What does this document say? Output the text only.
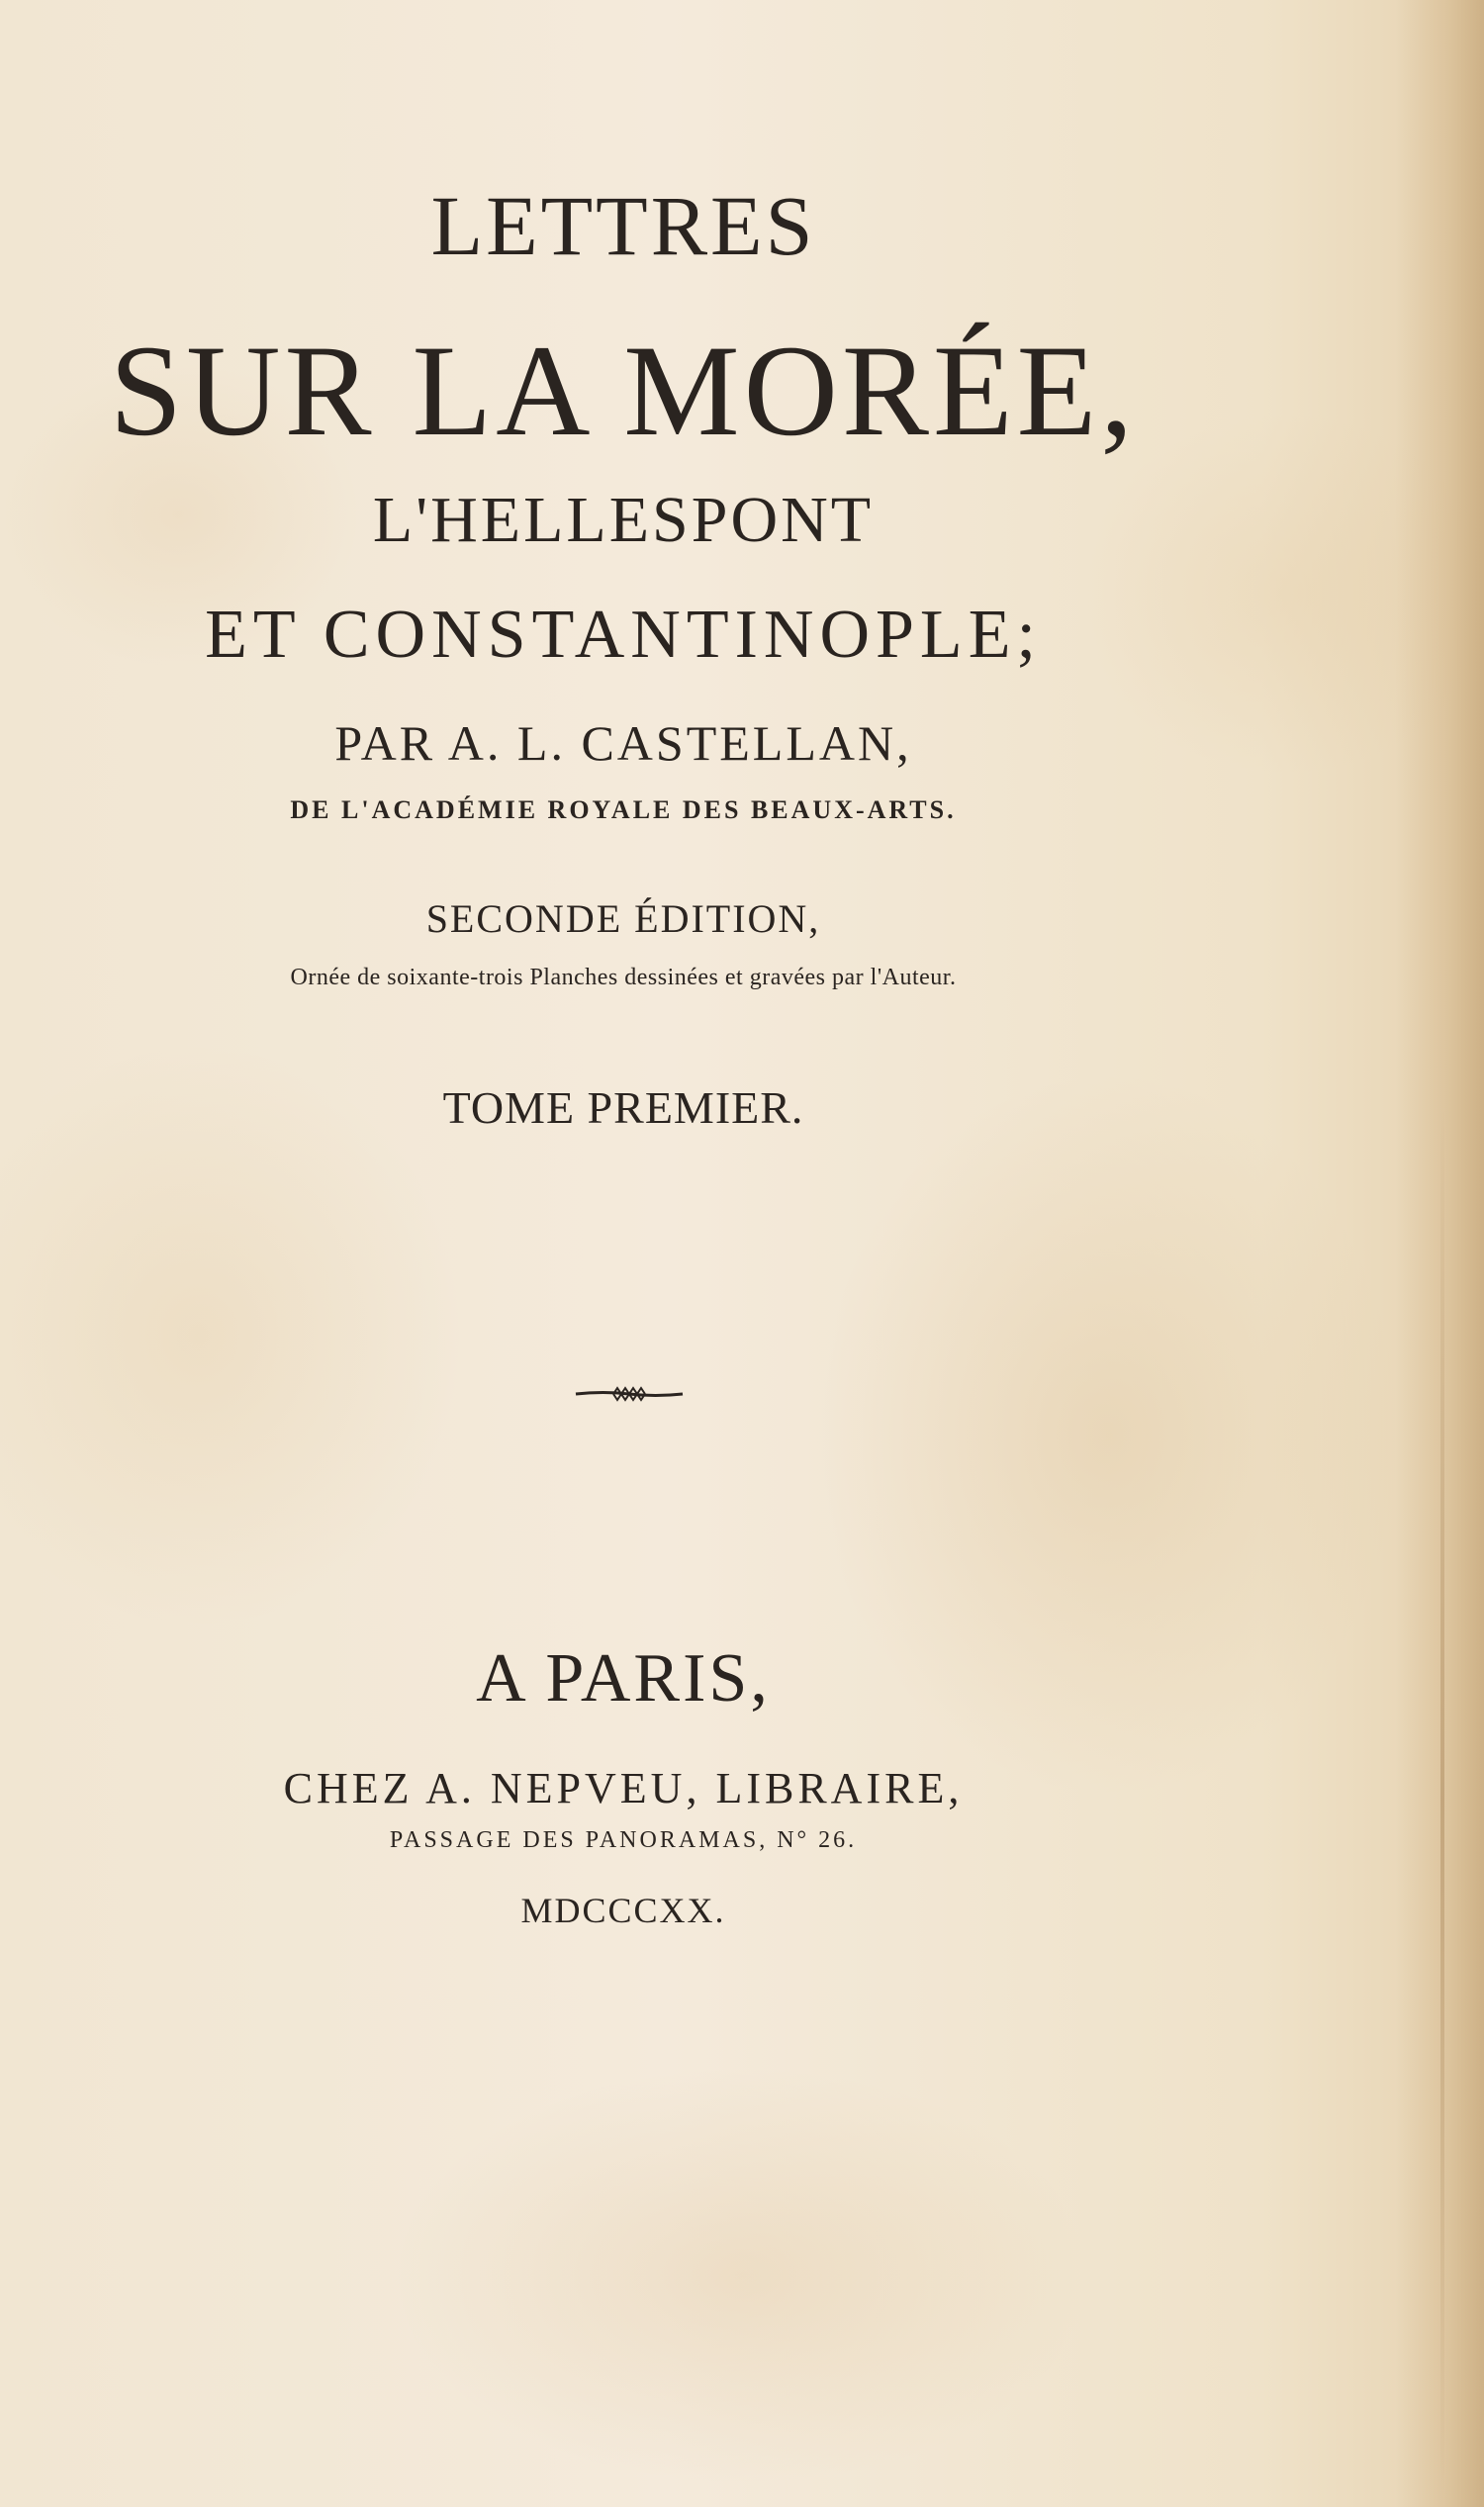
LETTRES
SUR LA MORÉE,
L'HELLESPONT
ET CONSTANTINOPLE;
PAR A. L. CASTELLAN,
DE L'ACADÉMIE ROYALE DES BEAUX-ARTS.
SECONDE ÉDITION,
Ornée de soixante-trois Planches dessinées et gravées par l'Auteur.
TOME PREMIER.
A PARIS,
CHEZ A. NEPVEU, LIBRAIRE,
PASSAGE DES PANORAMAS, N° 26.
MDCCCXX.
